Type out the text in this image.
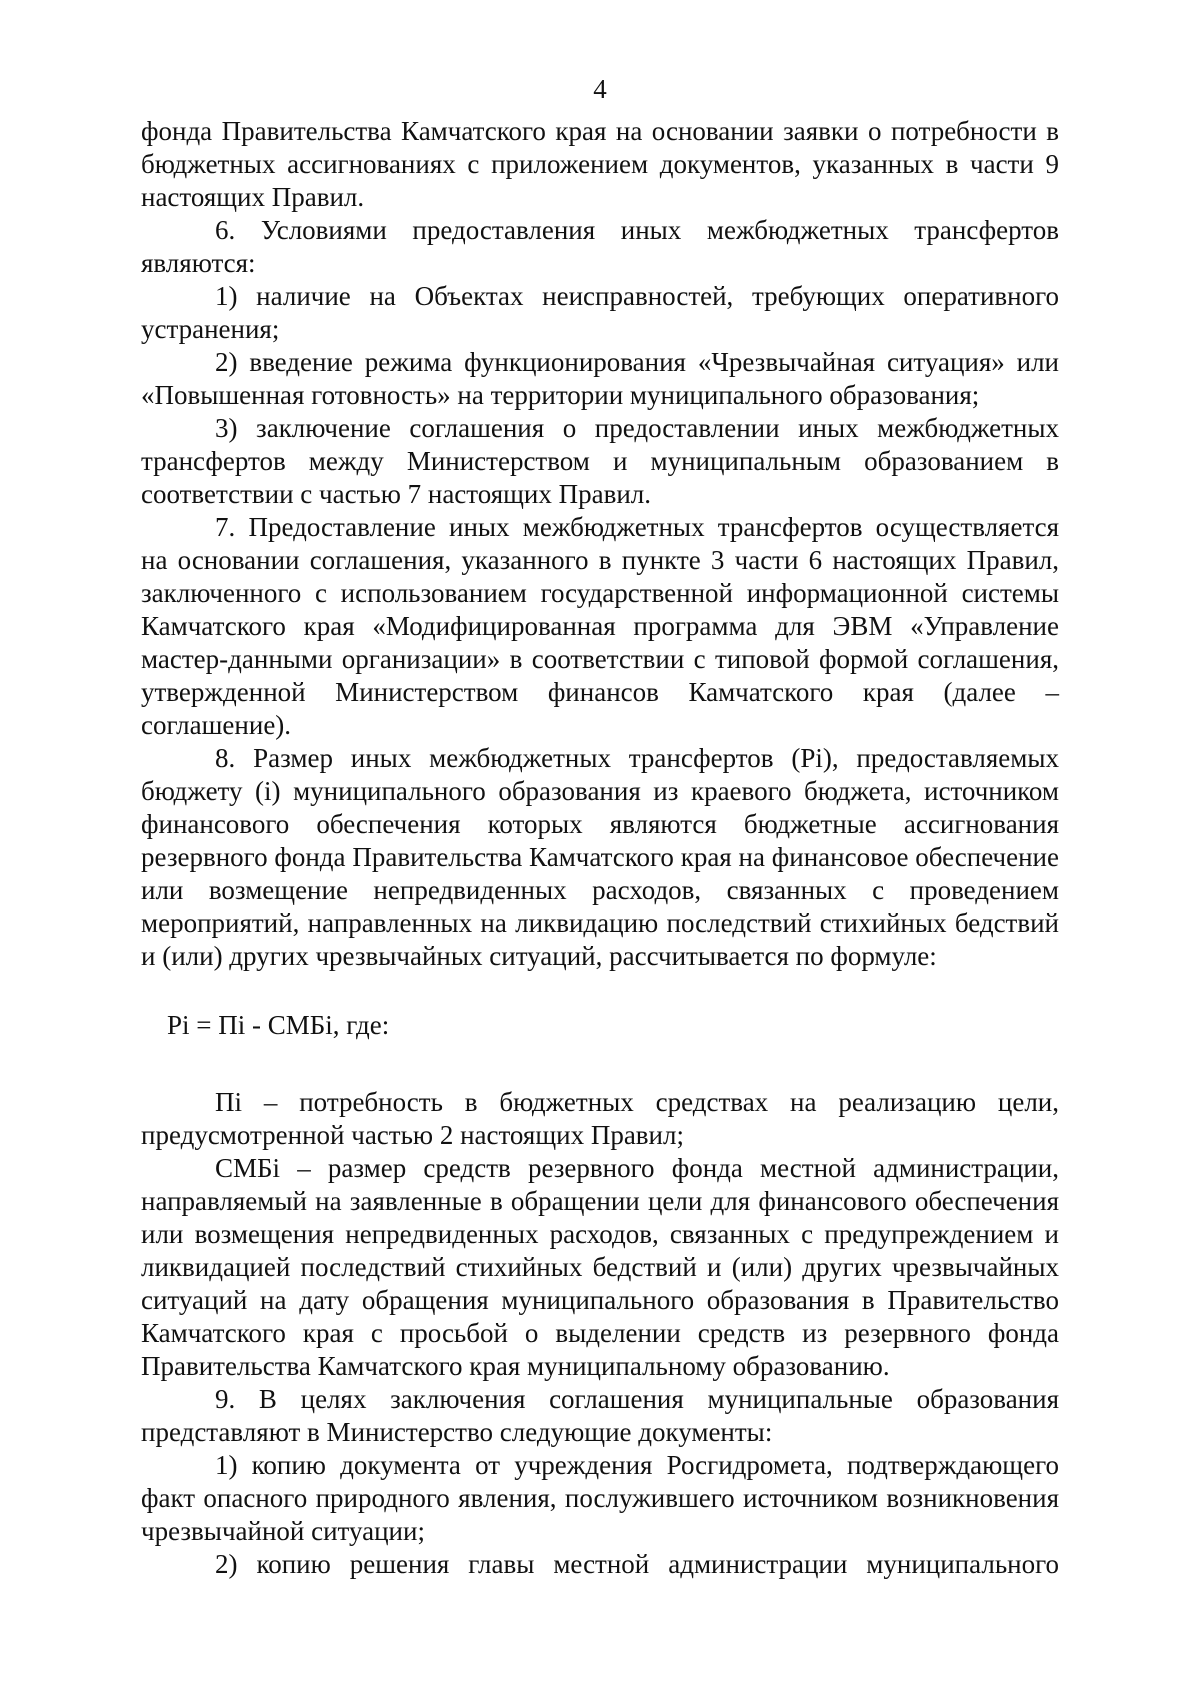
4

фонда Правительства Камчатского края на основании заявки о потребности в бюджетных ассигнованиях с приложением документов, указанных в части 9 настоящих Правил.

6. Условиями предоставления иных межбюджетных трансфертов являются:

1) наличие на Объектах неисправностей, требующих оперативного устранения;

2) введение режима функционирования «Чрезвычайная ситуация» или «Повышенная готовность» на территории муниципального образования;

3) заключение соглашения о предоставлении иных межбюджетных трансфертов между Министерством и муниципальным образованием в соответствии с частью 7 настоящих Правил.

7. Предоставление иных межбюджетных трансфертов осуществляется на основании соглашения, указанного в пункте 3 части 6 настоящих Правил, заключенного с использованием государственной информационной системы Камчатского края «Модифицированная программа для ЭВМ «Управление мастер-данными организации» в соответствии с типовой формой соглашения, утвержденной Министерством финансов Камчатского края (далее – соглашение).

8. Размер иных межбюджетных трансфертов (Pi), предоставляемых бюджету (i) муниципального образования из краевого бюджета, источником финансового обеспечения которых являются бюджетные ассигнования резервного фонда Правительства Камчатского края на финансовое обеспечение или возмещение непредвиденных расходов, связанных с проведением мероприятий, направленных на ликвидацию последствий стихийных бедствий и (или) других чрезвычайных ситуаций, рассчитывается по формуле:

Pi = Пi - СМБi, где:

Пi – потребность в бюджетных средствах на реализацию цели, предусмотренной частью 2 настоящих Правил;

СМБi – размер средств резервного фонда местной администрации, направляемый на заявленные в обращении цели для финансового обеспечения или возмещения непредвиденных расходов, связанных с предупреждением и ликвидацией последствий стихийных бедствий и (или) других чрезвычайных ситуаций на дату обращения муниципального образования в Правительство Камчатского края с просьбой о выделении средств из резервного фонда Правительства Камчатского края муниципальному образованию.

9. В целях заключения соглашения муниципальные образования представляют в Министерство следующие документы:

1) копию документа от учреждения Росгидромета, подтверждающего факт опасного природного явления, послужившего источником возникновения чрезвычайной ситуации;

2) копию решения главы местной администрации муниципального
